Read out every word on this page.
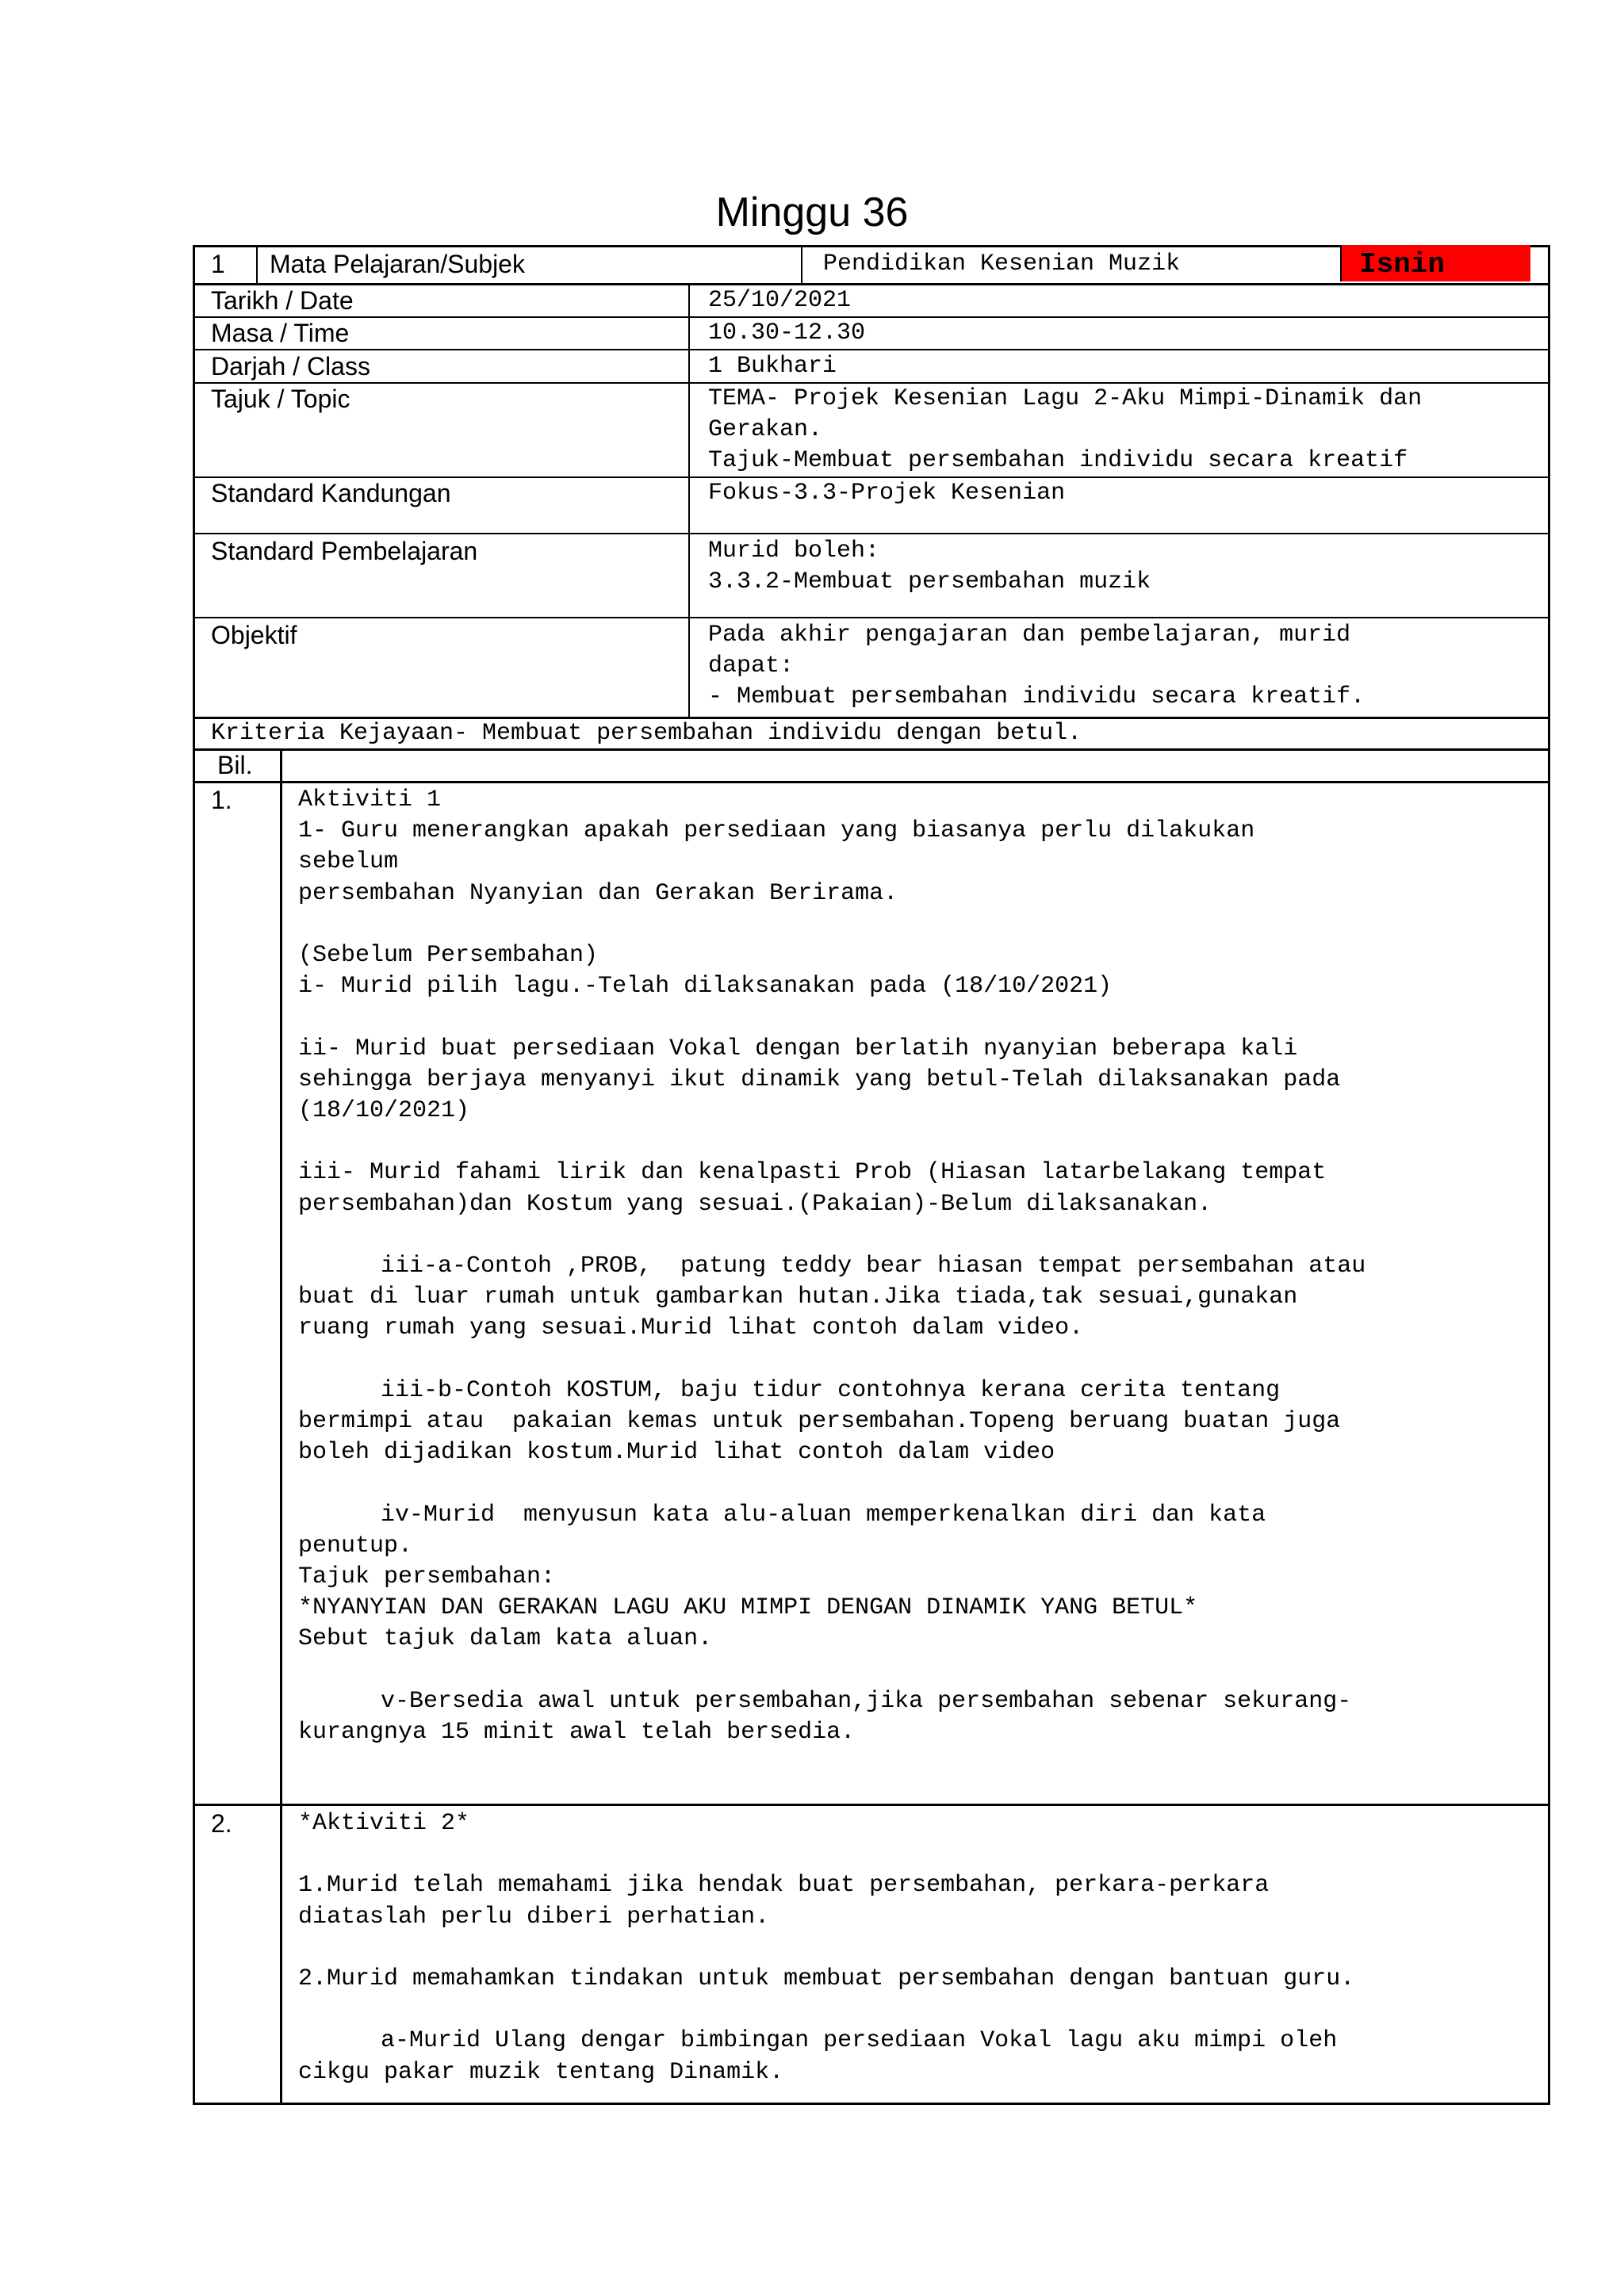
Minggu 36
Isnin
1 Mata Pelajaran/Subjek	Pendidikan Kesenian Muzik
Tarikh / Date	25/10/2021
Masa / Time	10.30-12.30
Darjah / Class	1 Bukhari
Tajuk / Topic	TEMA- Projek Kesenian Lagu 2-Aku Mimpi-Dinamik dan
Gerakan.
Tajuk-Membuat persembahan individu secara kreatif
Standard Kandungan	Fokus-3.3-Projek Kesenian
Standard Pembelajaran	Murid boleh:
3.3.2-Membuat persembahan muzik
Objektif	Pada akhir pengajaran dan pembelajaran, murid
dapat:
- Membuat persembahan individu secara kreatif.
Kriteria Kejayaan- Membuat persembahan individu dengan betul.
Bil.
1.	Aktiviti 1

1- Guru menerangkan apakah persediaan yang biasanya perlu dilakukan

sebelum

persembahan Nyanyian dan Gerakan Berirama.

(Sebelum Persembahan)

i- Murid pilih lagu.-Telah dilaksanakan pada (18/10/2021)

ii- Murid buat persediaan Vokal dengan berlatih nyanyian beberapa kali

sehingga berjaya menyanyi ikut dinamik yang betul-Telah dilaksanakan pada

(18/10/2021)

iii- Murid fahami lirik dan kenalpasti Prob (Hiasan latarbelakang tempat

persembahan)dan Kostum yang sesuai.(Pakaian)-Belum dilaksanakan.

iii-a-Contoh ,PROB,  patung teddy bear hiasan tempat persembahan atau

buat di luar rumah untuk gambarkan hutan.Jika tiada,tak sesuai,gunakan

ruang rumah yang sesuai.Murid lihat contoh dalam video.

iii-b-Contoh KOSTUM, baju tidur contohnya kerana cerita tentang

bermimpi atau  pakaian kemas untuk persembahan.Topeng beruang buatan juga

boleh dijadikan kostum.Murid lihat contoh dalam video

iv-Murid  menyusun kata alu-aluan memperkenalkan diri dan kata

penutup.

Tajuk persembahan:

*NYANYIAN DAN GERAKAN LAGU AKU MIMPI DENGAN DINAMIK YANG BETUL*

Sebut tajuk dalam kata aluan.

v-Bersedia awal untuk persembahan,jika persembahan sebenar sekurang-

kurangnya 15 minit awal telah bersedia.

2.	*Aktiviti 2*

1.Murid telah memahami jika hendak buat persembahan, perkara-perkara

diataslah perlu diberi perhatian.

2.Murid memahamkan tindakan untuk membuat persembahan dengan bantuan guru.

a-Murid Ulang dengar bimbingan persediaan Vokal lagu aku mimpi oleh

cikgu pakar muzik tentang Dinamik.
